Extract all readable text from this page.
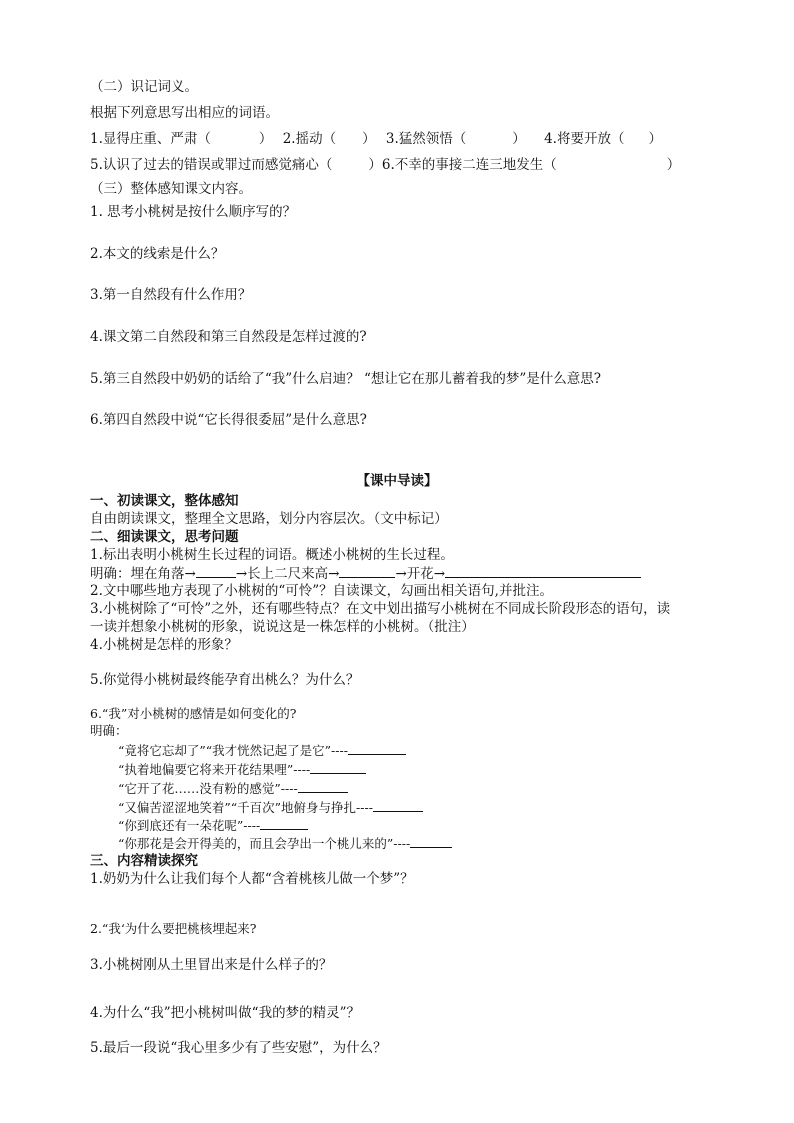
（二）识记词义。
根据下列意思写出相应的词语。
1.显得庄重、严肃（	） 2.摇动（ ） 3.猛然领悟（	） 4.将要开放（ ）
5.认识了过去的错误或罪过而感觉痛心（	）6.不幸的事接二连三地发生（	）
（三）整体感知课文内容。
1. 思考小桃树是按什么顺序写的？
2.本文的线索是什么？
3.第一自然段有什么作用？
4.课文第二自然段和第三自然段是怎样过渡的?
5.第三自然段中奶奶的话给了“我”什么启迪？ “想让它在那儿蓄着我的梦”是什么意思?
6.第四自然段中说“它长得很委屈”是什么意思?
【课中导读】
一、初读课文，整体感知
自由朗读课文，整理全文思路，划分内容层次。（文中标记）
二、细读课文，思考问题
1.标出表明小桃树生长过程的词语。概述小桃树的生长过程。
明确：埋在角落→	→长上二尺来高→	→开花→
2.文中哪些地方表现了小桃树的“可怜”？自读课文，勾画出相关语句,并批注。
3.小桃树除了“可怜”之外，还有哪些特点？在文中划出描写小桃树在不同成长阶段形态的语句，读
一读并想象小桃树的形象，说说这是一株怎样的小桃树。（批注）
4.小桃树是怎样的形象？
5.你觉得小桃树最终能孕育出桃么？为什么？
6.“我”对小桃树的感情是如何变化的?
明确：
“竟将它忘却了”“我才恍然记起了是它”----
“执着地偏要它将来开花结果哩”----
“它开了花……没有粉的感觉”----
“又偏苦涩涩地笑着”“千百次”地俯身与挣扎----
“你到底还有一朵花呢”----
“你那花是会开得美的，而且会孕出一个桃儿来的”----
三、内容精读探究
1.奶奶为什么让我们每个人都“含着桃核儿做一个梦”？
2.“我‘为什么要把桃核埋起来?
3.小桃树刚从土里冒出来是什么样子的？
4.为什么“我”把小桃树叫做“我的梦的精灵”？
5.最后一段说“我心里多少有了些安慰”，为什么？
